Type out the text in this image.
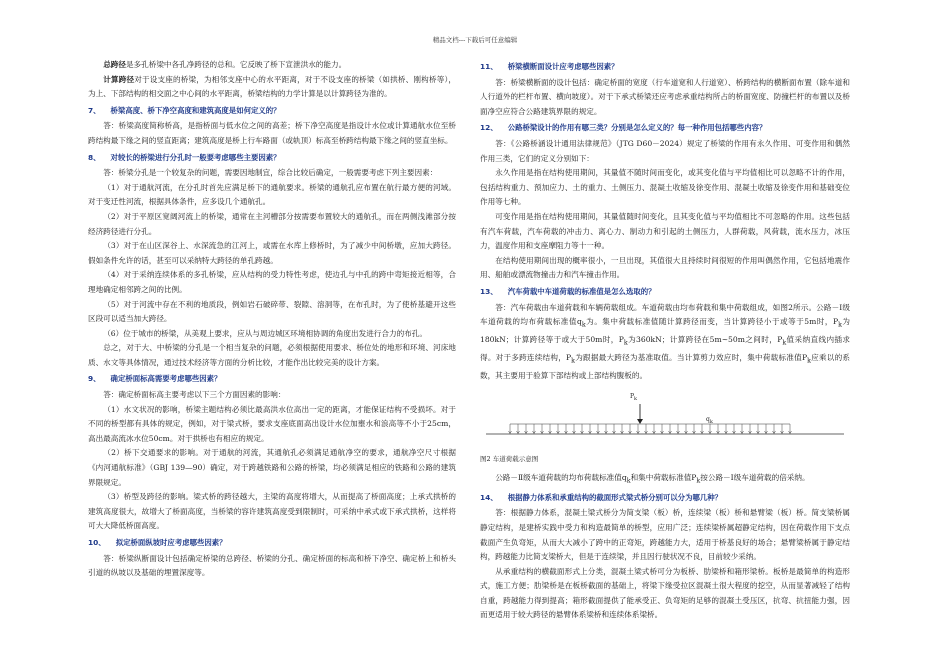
精品文档---下载后可任意编辑

总跨径是多孔桥梁中各孔净跨径的总和。它反映了桥下宣泄洪水的能力。

计算跨径对于设支座的桥梁，为相邻支座中心的水平距离，对于不设支座的桥梁（如拱桥、刚构桥等），为上、下部结构的相交面之中心间的水平距离，桥梁结构的力学计算是以计算跨径为准的。

7、 桥梁高度、桥下净空高度和建筑高度是如何定义的？

答：桥梁高度简称桥高，是指桥面与低水位之间的高差；桥下净空高度是指设计水位或计算通航水位至桥跨结构最下缘之间的竖直距离；建筑高度是桥上行车路面（或轨顶）标高至桥跨结构最下缘之间的竖直坐标。

8、 对较长的桥梁进行分孔时一般要考虑哪些主要因素？

答：桥梁分孔是一个较复杂的问题，需要因地制宜，综合比较后确定，一般需要考虑下列主要因素：

（1）对于通航河流，在分孔时首先应满足桥下的通航要求。桥梁的通航孔应布置在航行最方便的河域。对于变迁性河流，根据具体条件，应多设几个通航孔。

（2）对于平原区宽阔河流上的桥梁，通常在主河槽部分按需要布置较大的通航孔，而在两侧浅滩部分按经济跨径进行分孔。

（3）对于在山区深谷上、水深流急的江河上，或需在水库上修桥时，为了减少中间桥墩，应加大跨径。假如条件允许的话，甚至可以采纳特大跨径的单孔跨越。

（4）对于采纳连续体系的多孔桥梁，应从结构的受力特性考虑，使边孔与中孔的跨中弯矩接近相等，合理地确定相邻跨之间的比例。

（5）对于河流中存在不利的地质段，例如岩石破碎带、裂隙、溶洞等，在布孔时，为了使桥基避开这些区段可以适当加大跨径。

（6）位于城市的桥梁，从美观上要求，应从与周边城区环境相协调的角度出发进行合力的布孔。

总之，对于大、中桥梁的分孔是一个相当复杂的问题，必须根据使用要求、桥位处的地形和环境、河床地质、水文等具体情况，通过技术经济等方面的分析比较，才能作出比较完美的设计方案。

9、 确定桥面标高需要考虑哪些因素？

答：确定桥面标高主要考虑以下三个方面因素的影响：

（1）水文状况的影响，桥梁主题结构必须比最高洪水位高出一定的距离，才能保证结构不受损坏。对于不同的桥型都有具体的规定，例如，对于梁式桥，要求支座底面高出设计水位加壅水和浪高等不小于25cm，高出最高流冰水位50cm。对于拱桥也有相应的规定。

（2）桥下交通要求的影响。对于通航的河流，其通航孔必须满足通航净空的要求，通航净空尺寸根据《内河通航标准》（GBJ 139—90）确定，对于跨越铁路和公路的桥梁，均必须满足相应的铁路和公路的建筑界限规定。

（3）桥型及跨径的影响。梁式桥的跨径越大，主梁的高度将增大，从而提高了桥面高度；上承式拱桥的建筑高度很大，故增大了桥面高度，当桥梁的容许建筑高度受到限制时，可采纳中承式或下承式拱桥，这样将可大大降低桥面高度。

10、 拟定桥面纵坡时应考虑哪些因素？

答：桥梁纵断面设计包括确定桥梁的总跨径、桥梁的分孔、确定桥面的标高和桥下净空、确定桥上和桥头引道的纵坡以及基础的埋置深度等。

11、 桥梁横断面设计应考虑哪些因素？

答：桥梁横断面的设计包括：确定桥面的宽度（行车道宽和人行道宽）、桥跨结构的横断面布置（除车道和人行道外的栏杆布置、横向坡度）。对于下承式桥梁还应考虑承重结构所占的桥面宽度、防撞栏杆的布置以及桥面净空应符合公路建筑界限的规定。

12、 公路桥梁设计的作用有哪三类？分别是怎么定义的？每一种作用包括哪些内容？

答：《公路桥涵设计通用法律规范》（JTG D60－2024）规定了桥梁的作用有永久作用、可变作用和偶然作用三类，它们的定义分别如下：

永久作用是指在结构使用期间，其量值不随时间而变化，或其变化值与平均值相比可以忽略不计的作用，包括结构重力、预加应力、土的重力、土侧压力、混凝土收缩及徐变作用、混凝土收缩及徐变作用和基础变位作用等七种。

可变作用是指在结构使用期间，其量值随时间变化，且其变化值与平均值相比不可忽略的作用。这些包括有汽车荷载，汽车荷载的冲击力、离心力、制动力和引起的土侧压力，人群荷载，风荷载，流水压力，冰压力，温度作用和支座摩阻力等十一种。

在结构使用期间出现的概率很小，一旦出现，其值很大且持续时间很短的作用叫偶然作用，它包括地震作用、船舶或漂流物撞击力和汽车撞击作用。

13、 汽车荷载中车道荷载的标准值是怎么选取的？

答：汽车荷载由车道荷载和车辆荷载组成。车道荷载由均布荷载和集中荷载组成，如图2所示。公路－Ⅰ级车道荷载的均布荷载标准值$q_k$为。集中荷载标准值随计算跨径而变，当计算跨径小于或等于5m时，$P_k$为180kN；计算跨径等于或大于50m时，$P_k$为360kN；计算跨径在5m~50m之间时，$P_k$值采纳直线内插求得。对于多跨连续结构，$P_k$为跟据最大跨径为基准取值。当计算剪力效应时，集中荷载标准值$P_k$应乘以的系数，其主要用于验算下部结构或上部结构腹板的。

$P_k$
$q_k$
图2 车道荷载示意图

公路－Ⅱ级车道荷载的均布荷载标准值$q_k$和集中荷载标准值$P_k$按公路－Ⅰ级车道荷载的倍采纳。

14、 根据静力体系和承重结构的截面形式梁式桥分别可以分为哪几种？

答：根据静力体系，混凝土梁式桥分为简支梁（板）桥，连续梁（板）桥和悬臂梁（板）桥。简支梁桥属静定结构，是建桥实践中受力和构造最简单的桥型，应用广泛；连续梁桥属超静定结构，因在荷载作用下支点截面产生负弯矩，从而大大减小了跨中的正弯矩，跨越能力大，适用于桥基良好的场合；悬臂梁桥属于静定结构，跨越能力比简支梁桥大，但是于连续梁，并且因行驶状况不良，目前较少采纳。

从承重结构的横截面形式上分类，混凝土梁式桥可分为板桥、肋梁桥和箱形梁桥。板桥是最简单的构造形式，施工方便；肋梁桥是在板桥截面的基础上，将梁下缘受拉区混凝土很大程度的挖空，从而显著减轻了结构自重，跨越能力得到提高；箱形截面提供了能承受正、负弯矩的足够的混凝土受压区，抗弯、抗扭能力强，因而更适用于较大跨径的悬臂体系梁桥和连续体系梁桥。
